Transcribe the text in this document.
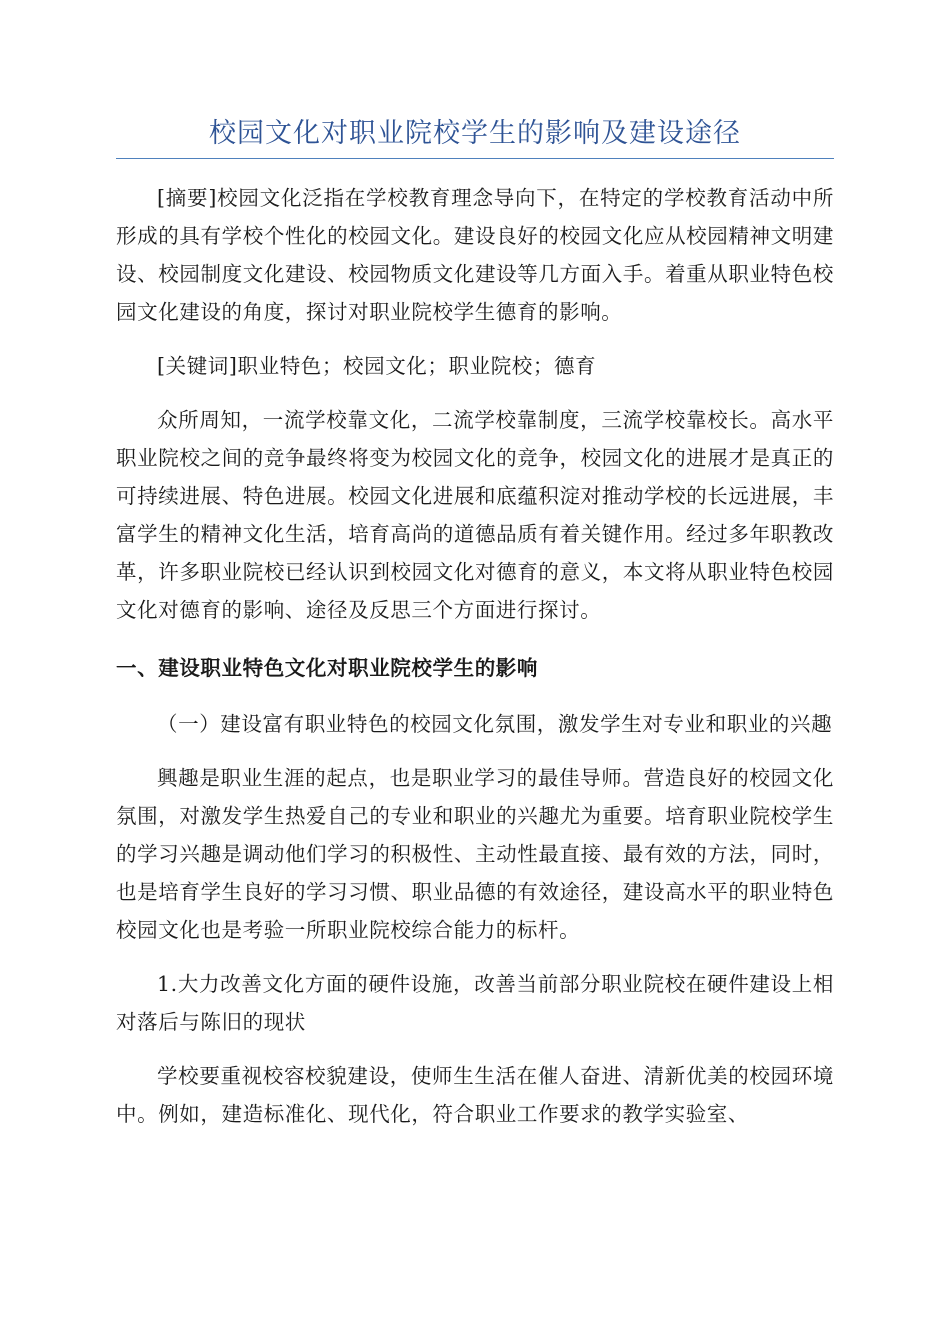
校园文化对职业院校学生的影响及建设途径

[摘要]校园文化泛指在学校教育理念导向下，在特定的学校教育活动中所形成的具有学校个性化的校园文化。建设良好的校园文化应从校园精神文明建设、校园制度文化建设、校园物质文化建设等几方面入手。着重从职业特色校园文化建设的角度，探讨对职业院校学生德育的影响。

[关键词]职业特色；校园文化；职业院校；德育

众所周知，一流学校靠文化，二流学校靠制度，三流学校靠校长。高水平职业院校之间的竞争最终将变为校园文化的竞争，校园文化的进展才是真正的可持续进展、特色进展。校园文化进展和底蕴积淀对推动学校的长远进展，丰富学生的精神文化生活，培育高尚的道德品质有着关键作用。经过多年职教改革，许多职业院校已经认识到校园文化对德育的意义，本文将从职业特色校园文化对德育的影响、途径及反思三个方面进行探讨。

一、建设职业特色文化对职业院校学生的影响

（一）建设富有职业特色的校园文化氛围，激发学生对专业和职业的兴趣

興趣是职业生涯的起点，也是职业学习的最佳导师。营造良好的校园文化氛围，对激发学生热爱自己的专业和职业的兴趣尤为重要。培育职业院校学生的学习兴趣是调动他们学习的积极性、主动性最直接、最有效的方法，同时，也是培育学生良好的学习习惯、职业品德的有效途径，建设高水平的职业特色校园文化也是考验一所职业院校综合能力的标杆。

1.大力改善文化方面的硬件设施，改善当前部分职业院校在硬件建设上相对落后与陈旧的现状

学校要重视校容校貌建设，使师生生活在催人奋进、清新优美的校园环境中。例如，建造标准化、现代化，符合职业工作要求的教学实验室、
